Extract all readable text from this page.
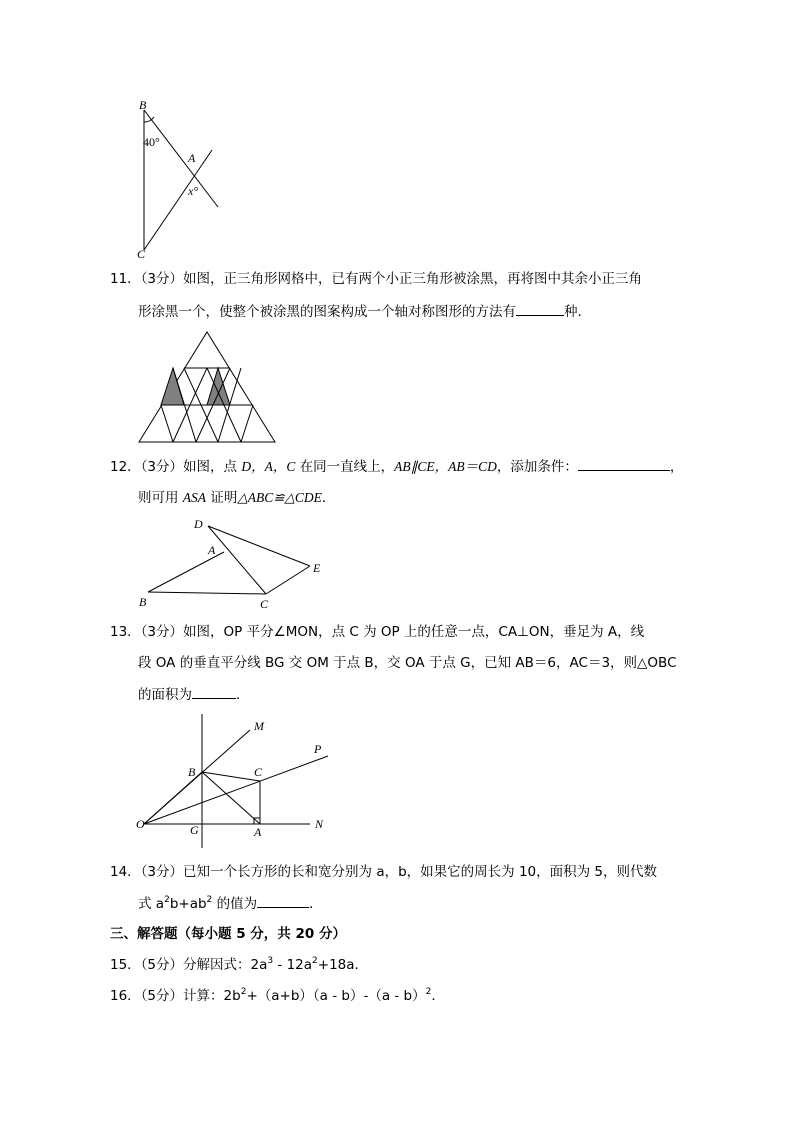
B
40°
A
x°
C
11．（3分）如图，正三角形网格中，已有两个小正三角形被涂黑，再将图中其余小正三角
形涂黑一个，使整个被涂黑的图案构成一个轴对称图形的方法有	种．
12．（3分）如图，点 D，A，C 在同一直线上，AB∥CE，AB＝CD，添加条件：	，
则可用 ASA 证明△ABC≌△CDE．
D
A
E
B	C
13．（3分）如图，OP 平分∠MON，点 C 为 OP 上的任意一点，CA⊥ON，垂足为 A，线
段 OA 的垂直平分线 BG 交 OM 于点 B，交 OA 于点 G，已知 AB＝6，AC＝3，则△OBC
的面积为	．
M
P
B	C
O	G	A
N
14．（3分）已知一个长方形的长和宽分别为 a，b，如果它的周长为 10，面积为 5，则代数
式 $a^2b+ab^2$ 的值为	．
三、解答题（每小题 5 分，共 20 分）
15．（5分）分解因式：$2a^3 - 12a^2+18a$．
16．（5分）计算：$2b^2+(a+b)(a - b)-(a - b)^2$．
